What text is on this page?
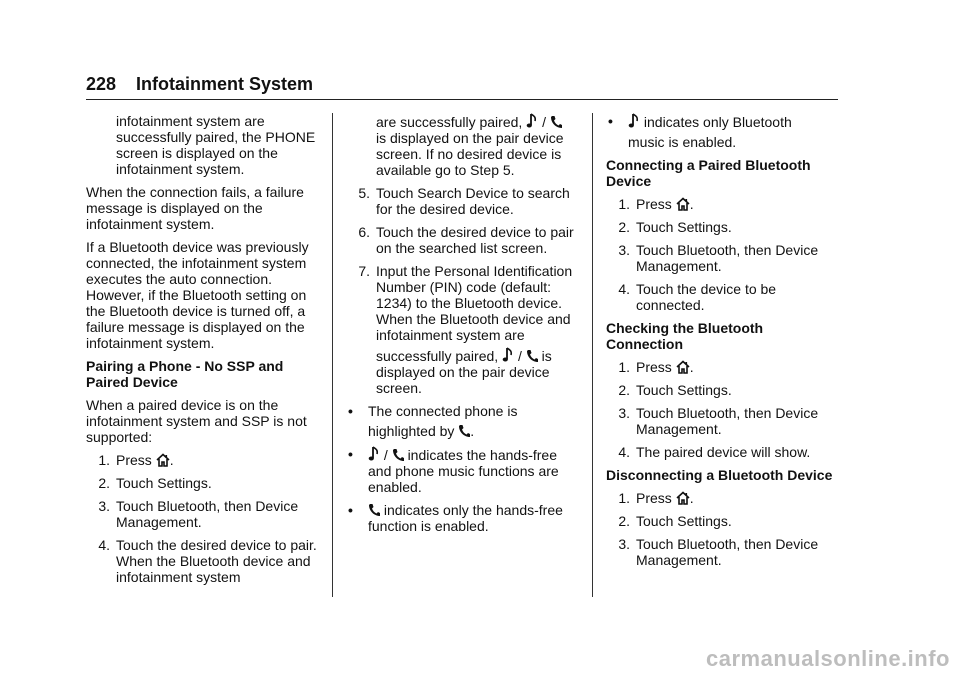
228 Infotainment System

infotainment system are successfully paired, the PHONE screen is displayed on the infotainment system.

When the connection fails, a failure message is displayed on the infotainment system.

If a Bluetooth device was previously connected, the infotainment system executes the auto connection. However, if the Bluetooth setting on the Bluetooth device is turned off, a failure message is displayed on the infotainment system.

Pairing a Phone - No SSP and Paired Device

When a paired device is on the infotainment system and SSP is not supported:

1. Press .
2. Touch Settings.
3. Touch Bluetooth, then Device Management.
4. Touch the desired device to pair. When the Bluetooth device and infotainment system

are successfully paired, /

is displayed on the pair device screen. If no desired device is available go to Step 5.

5. Touch Search Device to search for the desired device.
6. Touch the desired device to pair on the searched list screen.
7. Input the Personal Identification Number (PIN) code (default: 1234) to the Bluetooth device. When the Bluetooth device and infotainment system are
successfully paired, / is
displayed on the pair device screen.
• The connected phone is
highlighted by .
• / indicates the hands-free and phone music functions are enabled.
• indicates only the hands-free function is enabled.
• indicates only Bluetooth
music is enabled.

Connecting a Paired Bluetooth Device

1. Press .
2. Touch Settings.
3. Touch Bluetooth, then Device Management.
4. Touch the device to be connected.

Checking the Bluetooth Connection

1. Press .
2. Touch Settings.
3. Touch Bluetooth, then Device Management.
4. The paired device will show.

Disconnecting a Bluetooth Device

1. Press .
2. Touch Settings.
3. Touch Bluetooth, then Device Management.
carmanualsonline.info
